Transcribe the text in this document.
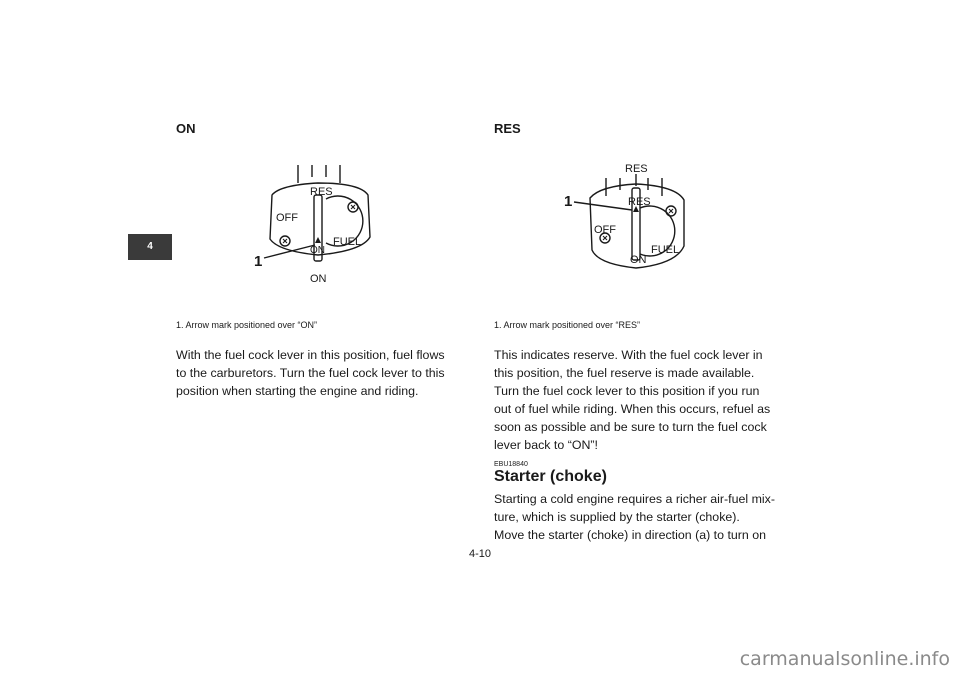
4
ON
RES
OFF
FUEL
ON
ON
1
1. Arrow mark positioned over “ON”
With the fuel cock lever in this position, fuel flows
to the carburetors. Turn the fuel cock lever to this
position when starting the engine and riding.
RES
RES
RES
OFF
FUEL
ON
1
1. Arrow mark positioned over “RES”
This indicates reserve. With the fuel cock lever in
this position, the fuel reserve is made available.
Turn the fuel cock lever to this position if you run
out of fuel while riding. When this occurs, refuel as
soon as possible and be sure to turn the fuel cock
lever back to “ON”!
EBU18840
Starter (choke)
Starting a cold engine requires a richer air-fuel mix-
ture, which is supplied by the starter (choke).
Move the starter (choke) in direction (a) to turn on
4-10
carmanualsonline.info
